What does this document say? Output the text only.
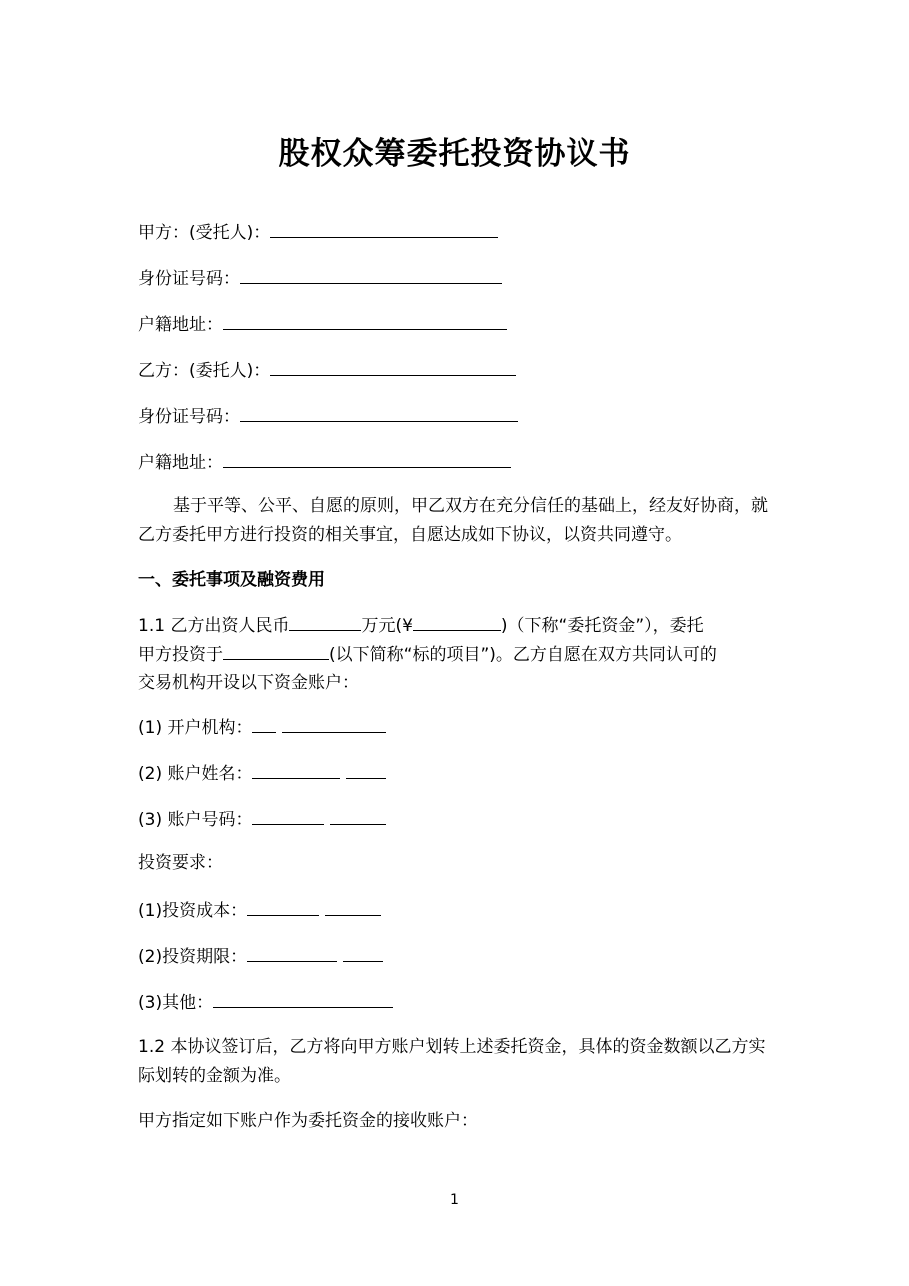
股权众筹委托投资协议书
甲方：(受托人)：
身份证号码：
户籍地址：
乙方：(委托人)：
身份证号码：
户籍地址：
基于平等、公平、自愿的原则，甲乙双方在充分信任的基础上，经友好协商，就乙方委托甲方进行投资的相关事宜，自愿达成如下协议，以资共同遵守。
一、委托事项及融资费用
1.1 乙方出资人民币	万元(¥	)（下称“委托资金”），委托
甲方投资于	(以下简称“标的项目”)。乙方自愿在双方共同认可的
交易机构开设以下资金账户：
(1) 开户机构：
(2) 账户姓名：
(3) 账户号码：
投资要求：
(1)投资成本：
(2)投资期限：
(3)其他：
1.2 本协议签订后，乙方将向甲方账户划转上述委托资金，具体的资金数额以乙方实际划转的金额为准。
甲方指定如下账户作为委托资金的接收账户：
1
